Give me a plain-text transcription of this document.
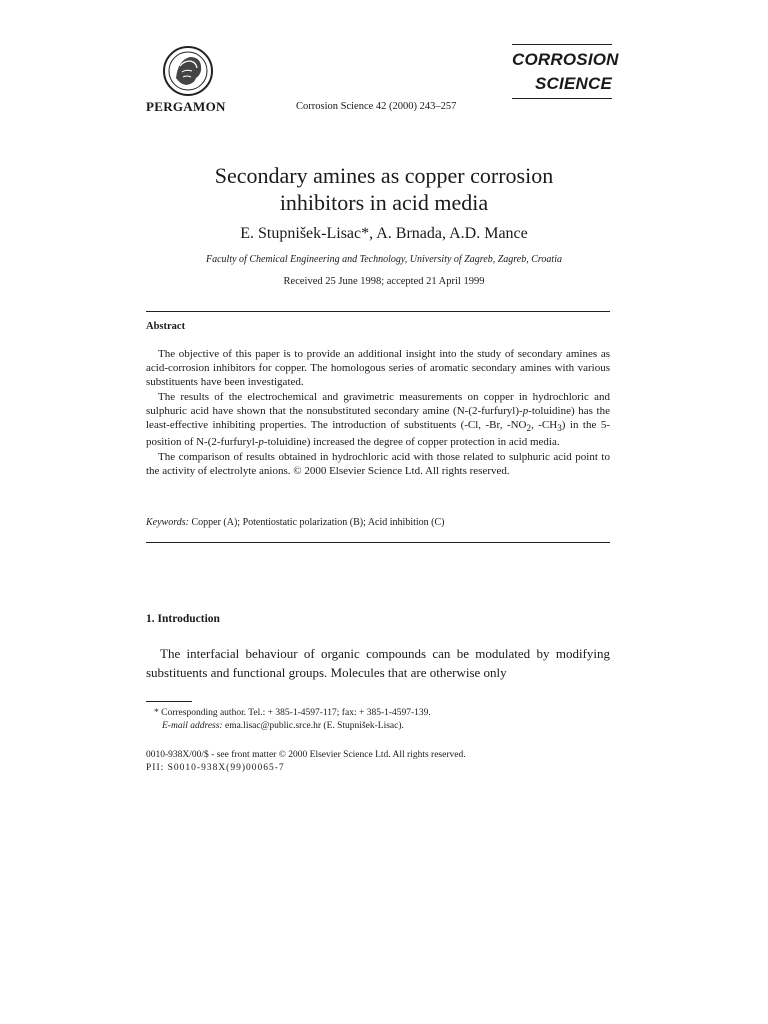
PERGAMON	Corrosion Science 42 (2000) 243–257
CORROSION
SCIENCE
Secondary amines as copper corrosion
inhibitors in acid media
E. Stupnišek-Lisac*, A. Brnada, A.D. Mance
Faculty of Chemical Engineering and Technology, University of Zagreb, Zagreb, Croatia
Received 25 June 1998; accepted 21 April 1999
Abstract

The objective of this paper is to provide an additional insight into the study of secondary amines as acid-corrosion inhibitors for copper. The homologous series of aromatic secondary amines with various substituents have been investigated.

The results of the electrochemical and gravimetric measurements on copper in hydrochloric and sulphuric acid have shown that the nonsubstituted secondary amine (N-(2-furfuryl)-p-toluidine) has the least-effective inhibiting properties. The introduction of substituents (-Cl, -Br, $-NO_2$, $-CH_3$) in the 5-position of N-(2-furfuryl-p-toluidine) increased the degree of copper protection in acid media.

The comparison of results obtained in hydrochloric acid with those related to sulphuric acid point to the activity of electrolyte anions. © 2000 Elsevier Science Ltd. All rights reserved.

Keywords: Copper (A); Potentiostatic polarization (B); Acid inhibition (C)
1. Introduction

The interfacial behaviour of organic compounds can be modulated by modifying substituents and functional groups. Molecules that are otherwise only

* Corresponding author. Tel.: + 385-1-4597-117; fax: + 385-1-4597-139.
E-mail address: ema.lisac@public.srce.hr (E. Stupnišek-Lisac).
0010-938X/00/$ - see front matter © 2000 Elsevier Science Ltd. All rights reserved.
PII: S0010-938X(99)00065-7
